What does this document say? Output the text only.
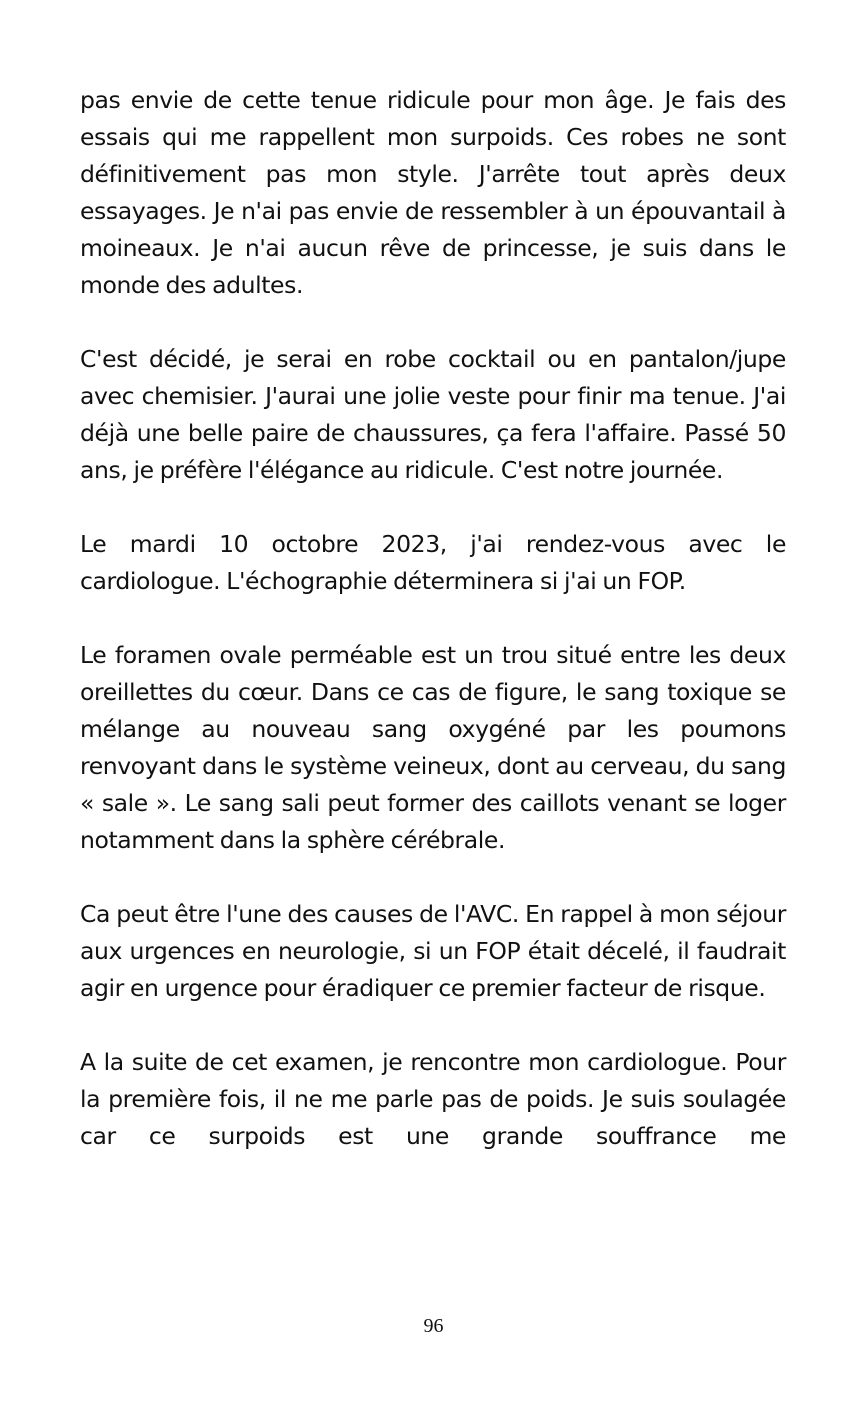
pas envie de cette tenue ridicule pour mon âge. Je fais des essais qui me rappellent mon surpoids. Ces robes ne sont définitivement pas mon style. J'arrête tout après deux essayages. Je n'ai pas envie de ressembler à un épouvantail à moineaux. Je n'ai aucun rêve de princesse, je suis dans le monde des adultes.

C'est décidé, je serai en robe cocktail ou en pantalon/jupe avec chemisier. J'aurai une jolie veste pour finir ma tenue. J'ai déjà une belle paire de chaussures, ça fera l'affaire. Passé 50 ans, je préfère l'élégance au ridicule. C'est notre journée.

Le mardi 10 octobre 2023, j'ai rendez-vous avec le cardiologue. L'échographie déterminera si j'ai un FOP.

Le foramen ovale perméable est un trou situé entre les deux oreillettes du cœur. Dans ce cas de figure, le sang toxique se mélange au nouveau sang oxygéné par les poumons renvoyant dans le système veineux, dont au cerveau, du sang « sale ». Le sang sali peut former des caillots venant se loger notamment dans la sphère cérébrale.

Ca peut être l'une des causes de l'AVC. En rappel à mon séjour aux urgences en neurologie, si un FOP était décelé, il faudrait agir en urgence pour éradiquer ce premier facteur de risque.

A la suite de cet examen, je rencontre mon cardiologue. Pour la première fois, il ne me parle pas de poids. Je suis soulagée car ce surpoids est une grande souffrance me

96
